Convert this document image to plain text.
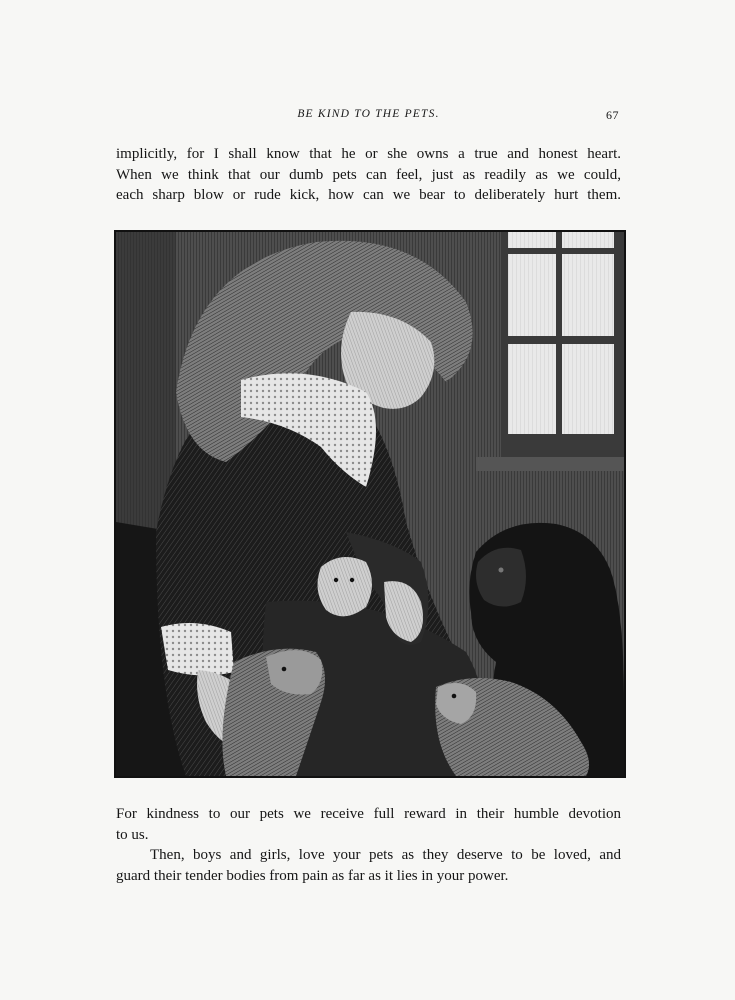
BE KIND TO THE PETS.	67

implicitly, for I shall know that he or she owns a true and honest heart.
When we think that our dumb pets can feel, just as readily as we could,
each sharp blow or rude kick, how can we bear to deliberately hurt them.

For kindness to our pets we receive full reward in their humble devotion
to us.

Then, boys and girls, love your pets as they deserve to be loved, and
guard their tender bodies from pain as far as it lies in your power.
